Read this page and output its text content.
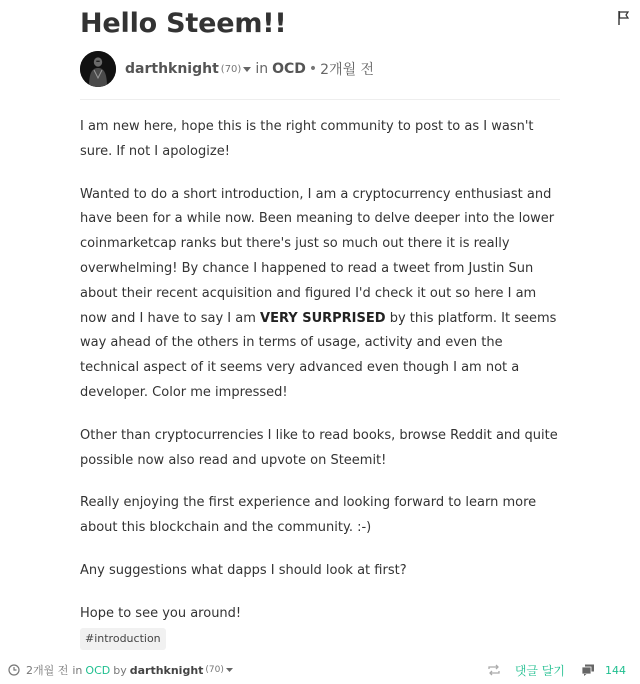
Hello Steem!!
darthknight (70) in OCD • 2개월 전

I am new here, hope this is the right community to post to as I wasn't sure. If not I apologize!

Wanted to do a short introduction, I am a cryptocurrency enthusiast and have been for a while now. Been meaning to delve deeper into the lower coinmarketcap ranks but there's just so much out there it is really overwhelming! By chance I happened to read a tweet from Justin Sun about their recent acquisition and figured I'd check it out so here I am now and I have to say I am VERY SURPRISED by this platform. It seems way ahead of the others in terms of usage, activity and even the technical aspect of it seems very advanced even though I am not a developer. Color me impressed!

Other than cryptocurrencies I like to read books, browse Reddit and quite possible now also read and upvote on Steemit!

Really enjoying the first experience and looking forward to learn more about this blockchain and the community. :-)

Any suggestions what dapps I should look at first?

Hope to see you around!

#introduction
2개월 전 in OCD by darthknight (70)	댓글 달기	144
